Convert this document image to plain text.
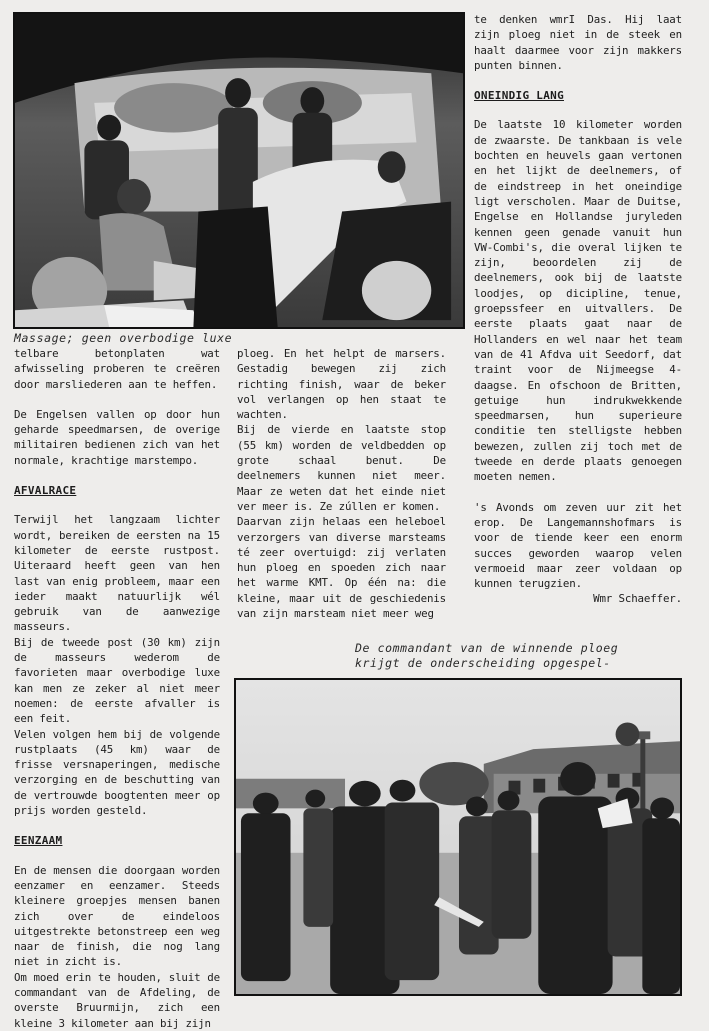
Massage; geen overbodige luxe

telbare betonplaten wat afwisseling proberen te creëren door marsliederen aan te heffen.

De Engelsen vallen op door hun geharde speedmarsen, de overige militairen bedienen zich van het normale, krachtige marstempo.

AFVALRACE

Terwijl het langzaam lichter wordt, bereiken de eersten na 15 kilometer de eerste rustpost. Uiteraard heeft geen van hen last van enig probleem, maar een ieder maakt natuurlijk wél gebruik van de aanwezige masseurs.

Bij de tweede post (30 km) zijn de masseurs wederom de favorieten maar overbodige luxe kan men ze zeker al niet meer noemen: de eerste afvaller is een feit.

Velen volgen hem bij de volgende rustplaats (45 km) waar de frisse versnaperingen, medische verzorging en de beschutting van de vertrouwde boogtenten meer op prijs worden gesteld.

EENZAAM

En de mensen die doorgaan worden eenzamer en eenzamer. Steeds kleinere groepjes mensen banen zich over de eindeloos uitgestrekte betonstreep een weg naar de finish, die nog lang niet in zicht is.

Om moed erin te houden, sluit de commandant van de Afdeling, de overste Bruurmijn, zich een kleine 3 kilometer aan bij zijn

ploeg. En het helpt de marsers. Gestadig bewegen zij zich richting finish, waar de beker vol verlangen op hen staat te wachten.

Bij de vierde en laatste stop (55 km) worden de veldbedden op grote schaal benut. De deelnemers kunnen niet meer. Maar ze weten dat het einde niet ver meer is. Ze zúllen er komen.

Daarvan zijn helaas een heleboel verzorgers van diverse marsteams té zeer overtuigd: zij verlaten hun ploeg en spoeden zich naar het warme KMT. Op één na: die kleine, maar uit de geschiedenis van zijn marsteam niet meer weg

te denken wmrI Das. Hij laat zijn ploeg niet in de steek en haalt daarmee voor zijn makkers punten binnen.

ONEINDIG LANG

De laatste 10 kilometer worden de zwaarste. De tankbaan is vele bochten en heuvels gaan vertonen en het lijkt de deelnemers, of de eindstreep in het oneindige ligt verscholen. Maar de Duitse, Engelse en Hollandse juryleden kennen geen genade vanuit hun VW-Combi's, die overal lijken te zijn, beoordelen zij de deelnemers, ook bij de laatste loodjes, op dicipline, tenue, groepssfeer en uitvallers. De eerste plaats gaat naar de Hollanders en wel naar het team van de 41 Afdva uit Seedorf, dat traint voor de Nijmeegse 4-daagse. En ofschoon de Britten, getuige hun indrukwekkende speedmarsen, hun superieure conditie ten stelligste hebben bewezen, zullen zij toch met de tweede en derde plaats genoegen moeten nemen.

's Avonds om zeven uur zit het erop. De Langemannshofmars is voor de tiende keer een enorm succes geworden waarop velen vermoeid maar zeer voldaan op kunnen terugzien.

Wmr Schaeffer.

De commandant van de winnende ploeg
krijgt de onderscheiding opgespel-
